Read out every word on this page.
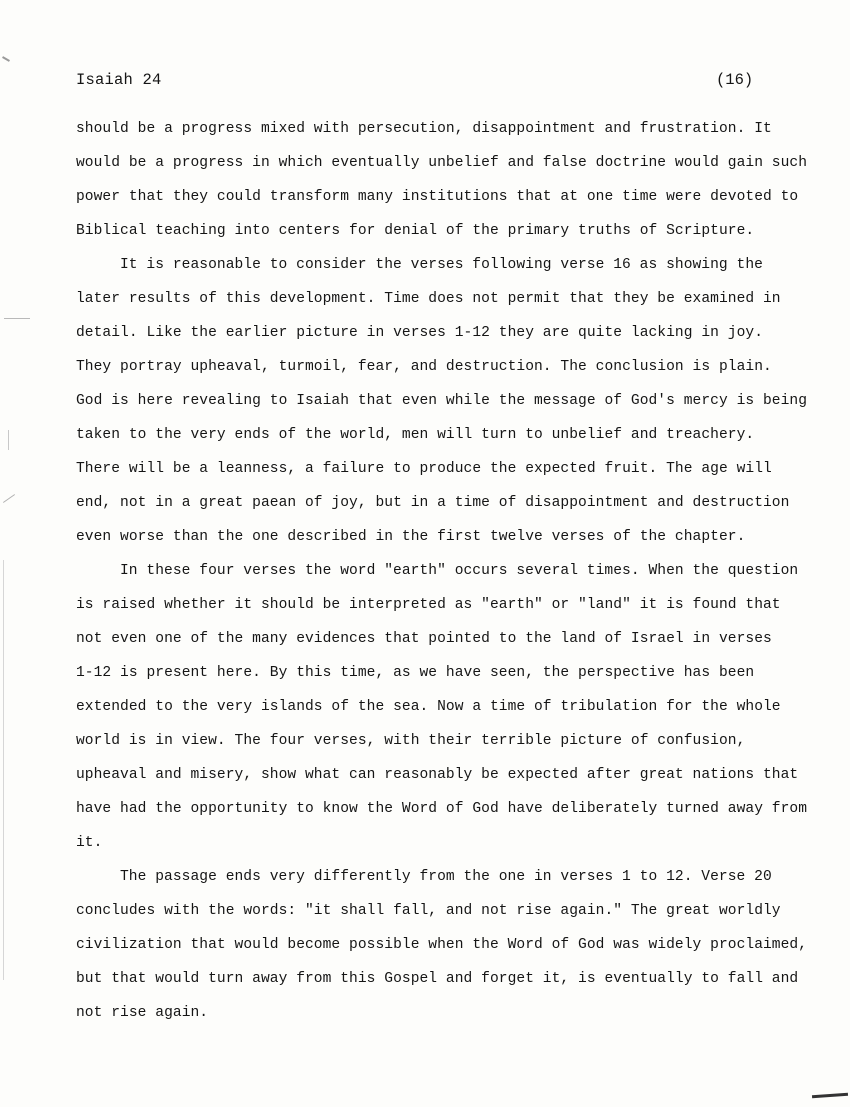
Isaiah 24	(16)
should be a progress mixed with persecution, disappointment and frustration. It
would be a progress in which eventually unbelief and false doctrine would gain such
power that they could transform many institutions that at one time were devoted to
Biblical teaching into centers for denial of the primary truths of Scripture.
It is reasonable to consider the verses following verse 16 as showing the
later results of this development. Time does not permit that they be examined in
detail. Like the earlier picture in verses 1-12 they are quite lacking in joy.
They portray upheaval, turmoil, fear, and destruction. The conclusion is plain.
God is here revealing to Isaiah that even while the message of God's mercy is being
taken to the very ends of the world, men will turn to unbelief and treachery.
There will be a leanness, a failure to produce the expected fruit. The age will
end, not in a great paean of joy, but in a time of disappointment and destruction
even worse than the one described in the first twelve verses of the chapter.
In these four verses the word "earth" occurs several times. When the question
is raised whether it should be interpreted as "earth" or "land" it is found that
not even one of the many evidences that pointed to the land of Israel in verses
1-12 is present here. By this time, as we have seen, the perspective has been
extended to the very islands of the sea. Now a time of tribulation for the whole
world is in view. The four verses, with their terrible picture of confusion,
upheaval and misery, show what can reasonably be expected after great nations that
have had the opportunity to know the Word of God have deliberately turned away from
it.
The passage ends very differently from the one in verses 1 to 12. Verse 20
concludes with the words: "it shall fall, and not rise again." The great worldly
civilization that would become possible when the Word of God was widely proclaimed,
but that would turn away from this Gospel and forget it, is eventually to fall and
not rise again.
